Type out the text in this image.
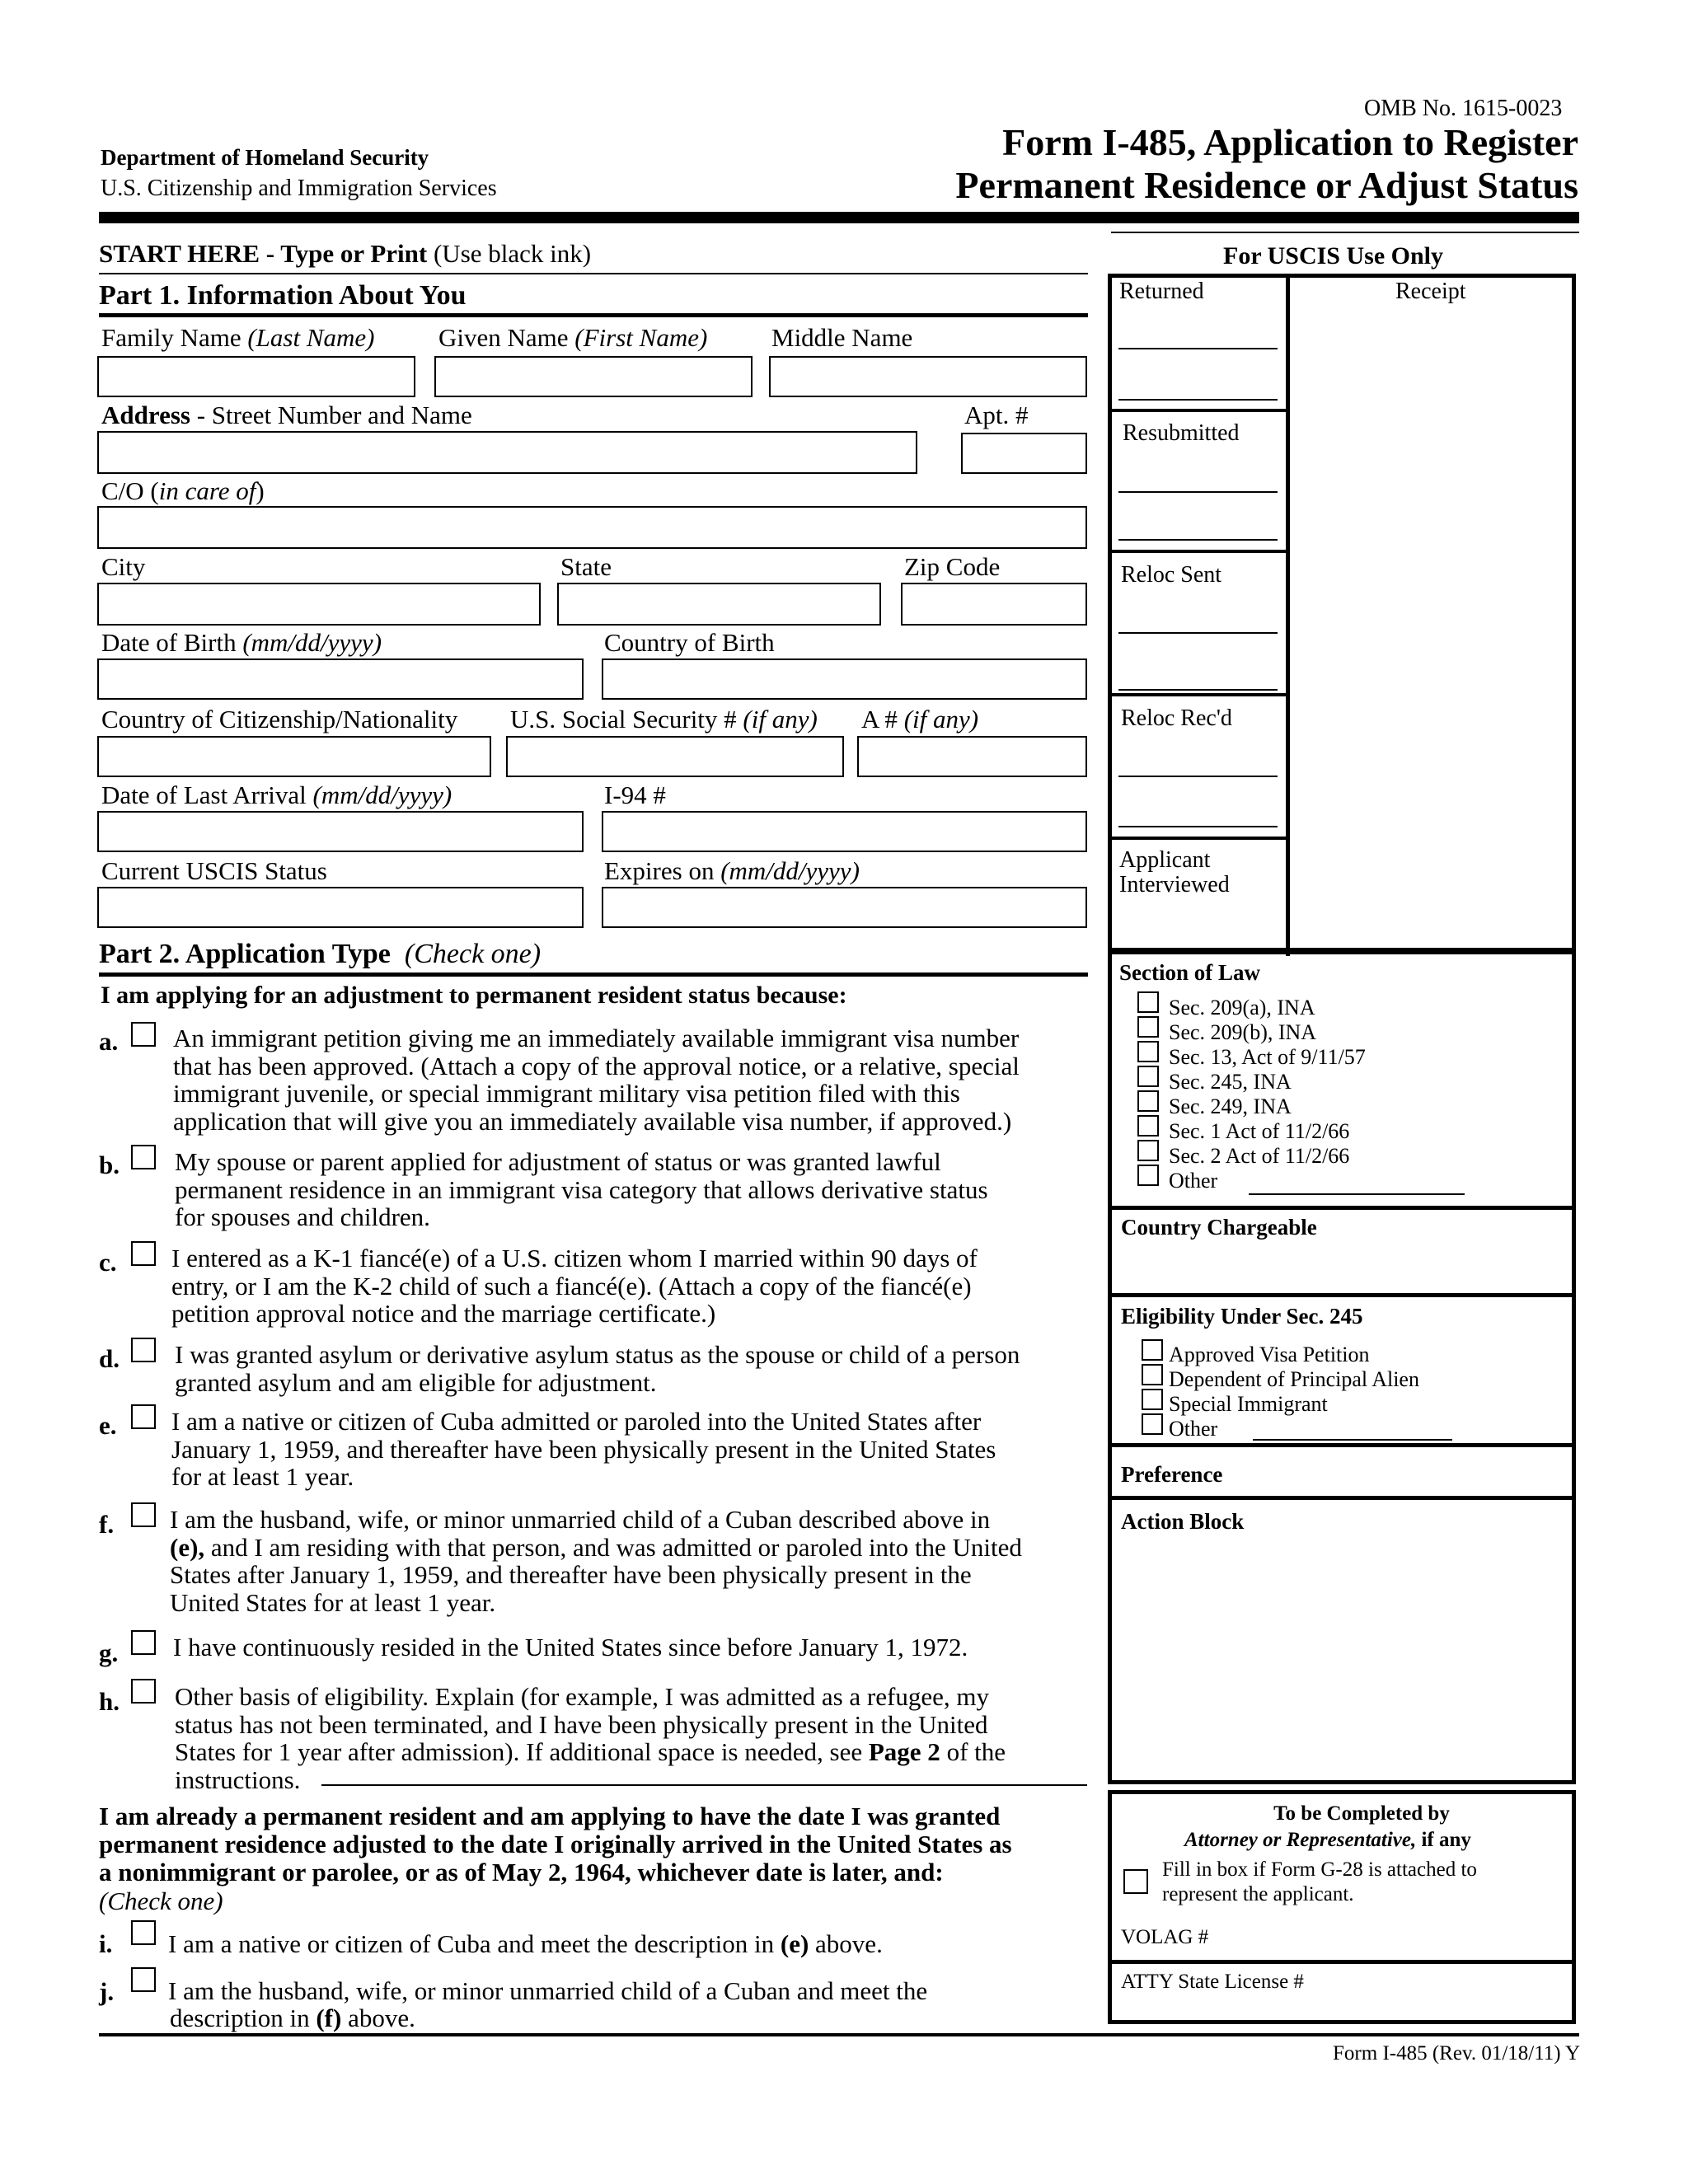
OMB No. 1615-0023
Department of Homeland Security
U.S. Citizenship and Immigration Services
Form I-485, Application to Register
Permanent Residence or Adjust Status
START HERE - Type or Print (Use black ink)
Part 1. Information About You
Family Name (Last Name)	Given Name (First Name)	Middle Name
Address - Street Number and Name	Apt. #
C/O (in care of)
City	State	Zip Code
Date of Birth (mm/dd/yyyy)	Country of Birth
Country of Citizenship/Nationality U.S. Social Security # (if any) A # (if any)
Date of Last Arrival (mm/dd/yyyy)	I-94 #
Current USCIS Status	Expires on (mm/dd/yyyy)
Part 2. Application Type (Check one)
I am applying for an adjustment to permanent resident status because:
a. An immigrant petition giving me an immediately available immigrant visa number
that has been approved. (Attach a copy of the approval notice, or a relative, special
immigrant juvenile, or special immigrant military visa petition filed with this
application that will give you an immediately available visa number, if approved.)
b. My spouse or parent applied for adjustment of status or was granted lawful
permanent residence in an immigrant visa category that allows derivative status
for spouses and children.
c. I entered as a K-1 fiancé(e) of a U.S. citizen whom I married within 90 days of
entry, or I am the K-2 child of such a fiancé(e). (Attach a copy of the fiancé(e)
petition approval notice and the marriage certificate.)
d. I was granted asylum or derivative asylum status as the spouse or child of a person
granted asylum and am eligible for adjustment.
e. I am a native or citizen of Cuba admitted or paroled into the United States after
January 1, 1959, and thereafter have been physically present in the United States
for at least 1 year.
f. I am the husband, wife, or minor unmarried child of a Cuban described above in
(e), and I am residing with that person, and was admitted or paroled into the United
States after January 1, 1959, and thereafter have been physically present in the
United States for at least 1 year.
g. I have continuously resided in the United States since before January 1, 1972.
h. Other basis of eligibility. Explain (for example, I was admitted as a refugee, my
status has not been terminated, and I have been physically present in the United
States for 1 year after admission). If additional space is needed, see Page 2 of the
instructions.
I am already a permanent resident and am applying to have the date I was granted
permanent residence adjusted to the date I originally arrived in the United States as
a nonimmigrant or parolee, or as of May 2, 1964, whichever date is later, and:
(Check one)
i. I am a native or citizen of Cuba and meet the description in (e) above.
j. I am the husband, wife, or minor unmarried child of a Cuban and meet the
description in (f) above.
Form I-485 (Rev. 01/18/11) Y
For USCIS Use Only
Returned	Receipt
Resubmitted
Reloc Sent
Reloc Rec'd
Applicant
Interviewed
Section of Law
Sec. 209(a), INA
Sec. 209(b), INA
Sec. 13, Act of 9/11/57
Sec. 245, INA
Sec. 249, INA
Sec. 1 Act of 11/2/66
Sec. 2 Act of 11/2/66
Other
Country Chargeable
Eligibility Under Sec. 245
Approved Visa Petition
Dependent of Principal Alien
Special Immigrant
Other
Preference
Action Block
To be Completed by
Attorney or Representative, if any
Fill in box if Form G-28 is attached to
represent the applicant.
VOLAG #
ATTY State License #
